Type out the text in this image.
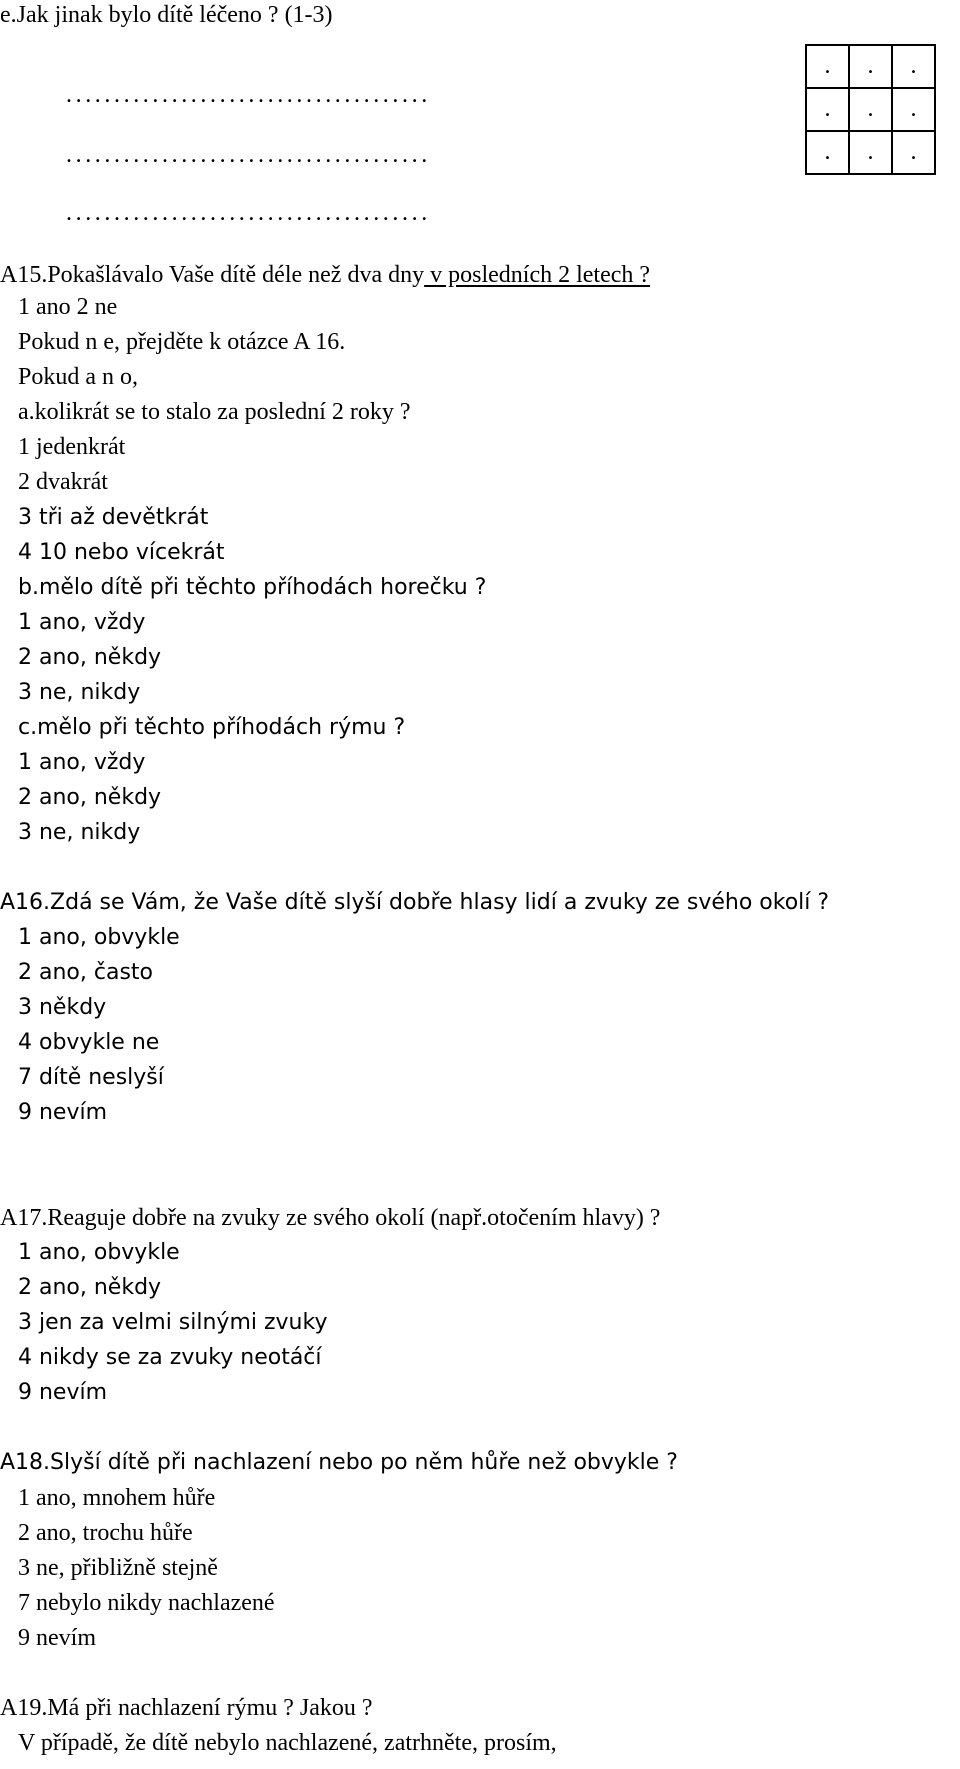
e.Jak jinak bylo dítě léčeno ? (1-3)
......................................
......................................
......................................
.	.	.
.	.	.
.	.	.
A15.Pokašlávalo Vaše dítě déle než dva dny v posledních 2 letech ?
1 ano 2 ne
Pokud n e, přejděte k otázce A 16.
Pokud a n o,
a.kolikrát se to stalo za poslední 2 roky ?
1 jedenkrát
2 dvakrát
3 tři až devětkrát
4 10 nebo vícekrát
b.mělo dítě při těchto příhodách horečku ?
1 ano, vždy
2 ano, někdy
3 ne, nikdy
c.mělo při těchto příhodách rýmu ?
1 ano, vždy
2 ano, někdy
3 ne, nikdy
A16.Zdá se Vám, že Vaše dítě slyší dobře hlasy lidí a zvuky ze svého okolí ?
1 ano, obvykle
2 ano, často
3 někdy
4 obvykle ne
7 dítě neslyší
9 nevím
A17.Reaguje dobře na zvuky ze svého okolí (např.otočením hlavy) ?
1 ano, obvykle
2 ano, někdy
3 jen za velmi silnými zvuky
4 nikdy se za zvuky neotáčí
9 nevím
A18.Slyší dítě při nachlazení nebo po něm hůře než obvykle ?
1 ano, mnohem hůře
2 ano, trochu hůře
3 ne, přibližně stejně
7 nebylo nikdy nachlazené
9 nevím
A19.Má při nachlazení rýmu ? Jakou ?
V případě, že dítě nebylo nachlazené, zatrhněte, prosím,
